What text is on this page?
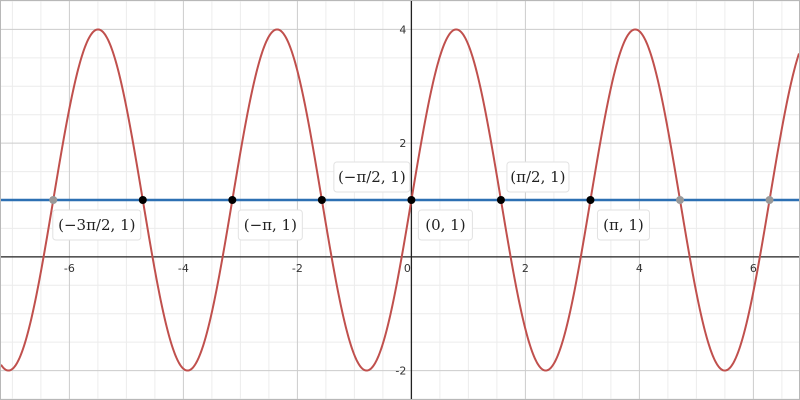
-6	-4	-2	0	2	4	6
-2
2
4
(−3π/2, 1)	(−π, 1)
(−π/2, 1)
(0, 1)
(π/2, 1)
(π, 1)
